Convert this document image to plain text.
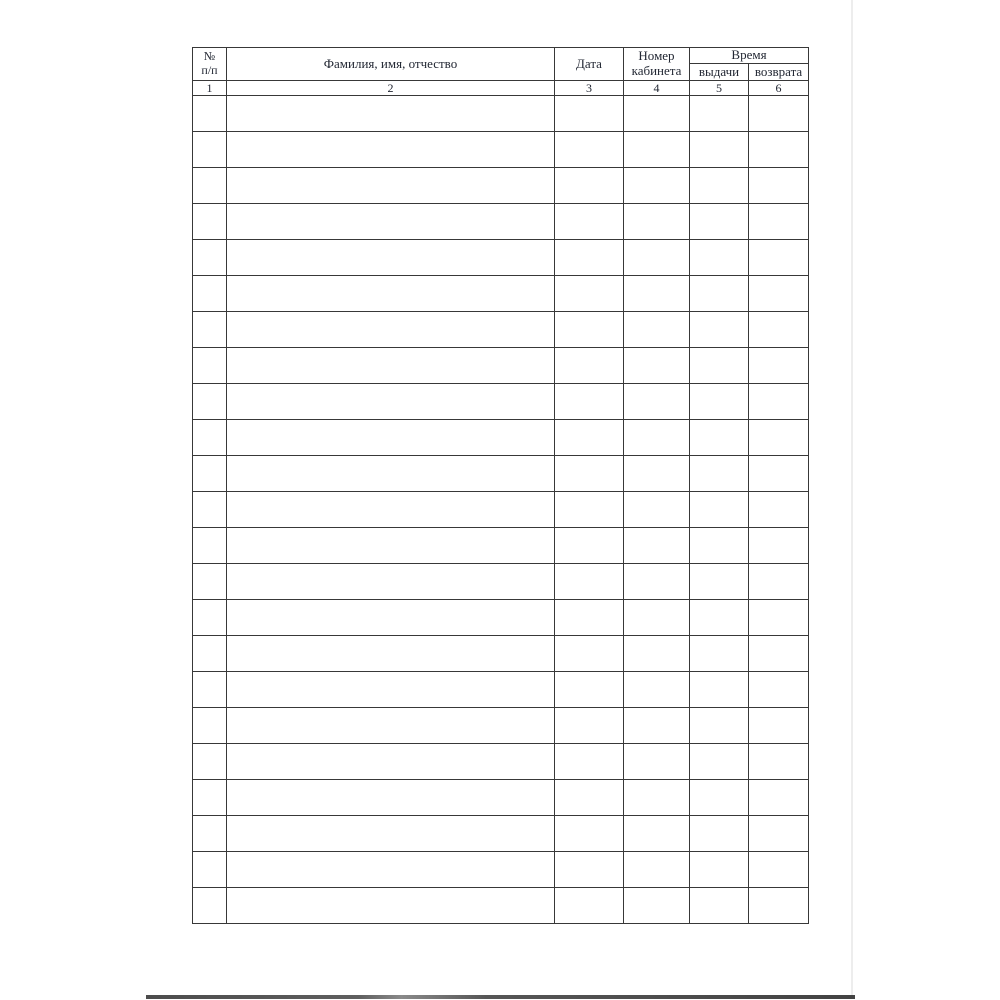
№
п/п	Фамилия, имя, отчество	Дата	Номер кабинета	Время	
				выдачи	возврата
1	2	3	4	5	6
